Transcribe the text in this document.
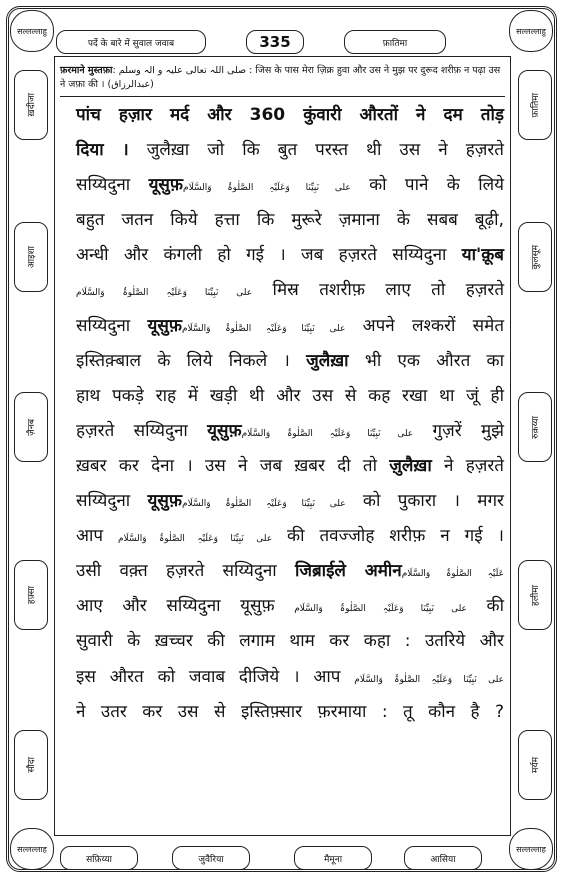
पर्दे के बारे में सुवाल जवाब	335	फ़ातिमा
सल्लल्लाहु	सल्लल्लाहु
सल्लल्लाह	सल्लल्लाह
ख़दीजा
आइशा
ज़ैनब
हफ़्सा
सौदा
फ़ातिमा
कुलसूम
रुक़य्या
हलीमा
मर्यम
सफ़िय्या	जुवैरिया	मैमूना	आसिया
फ़रमाने मुस्तफ़ा: صلی اللہ تعالی علیہ و الہ وسلم : जिस के पास मेरा ज़िक्र हुवा और उस ने मुझ पर दुरूद शरीफ़ न पढ़ा उस ने जफ़ा की । (عبدالرزاق)
पांच हज़ार मर्द और 360 कुंवारी औरतों ने दम तोड़
दिया । जुलैख़ा जो कि बुत परस्त थी उस ने हज़रते
सय्यिदुना यूसुफ़علی نَبِیِّنَا وَعَلَیْہِ الصَّلٰوۃُ وَالسَّلَام को पाने के लिये
बहुत जतन किये हत्ता कि मुरूरे ज़माना के सबब बूढ़ी,
अन्धी और कंगली हो गई । जब हज़रते सय्यिदुना या'क़ूब
علی نَبِیِّنَا وَعَلَیْہِ الصَّلٰوۃُ وَالسَّلَام मिस्र तशरीफ़ लाए तो हज़रते
सय्यिदुना यूसुफ़علی نَبِیِّنَا وَعَلَیْہِ الصَّلٰوۃُ وَالسَّلَام अपने लश्करों समेत
इस्तिक़्बाल के लिये निकले । जुलैख़ा भी एक औरत का
हाथ पकड़े राह में खड़ी थी और उस से कह रखा था जूं ही
हज़रते सय्यिदुना यूसुफ़علی نَبِیِّنَا وَعَلَیْہِ الصَّلٰوۃُ وَالسَّلَام गुज़रें मुझे
ख़बर कर देना । उस ने जब ख़बर दी तो ज़ुलैख़ा ने हज़रते
सय्यिदुना यूसुफ़علی نَبِیِّنَا وَعَلَیْہِ الصَّلٰوۃُ وَالسَّلَام को पुकारा । मगर
आप علی نَبِیِّنَا وَعَلَیْہِ الصَّلٰوۃُ وَالسَّلَام की तवज्जोह शरीफ़ न गई ।
उसी वक़्त हज़रते सय्यिदुना जिब्राईले अमीनعَلَیْہِ الصَّلٰوۃُ وَالسَّلَام
आए और सय्यिदुना यूसुफ़ علی نَبِیِّنَا وَعَلَیْہِ الصَّلٰوۃُ وَالسَّلَام की
सुवारी के ख़च्चर की लगाम थाम कर कहा : उतरिये और
इस औरत को जवाब दीजिये । आप علی نَبِیِّنَا وَعَلَیْہِ الصَّلٰوۃُ وَالسَّلَام
ने उतर कर उस से इस्तिफ़्सार फ़रमाया : तू कौन है ?
